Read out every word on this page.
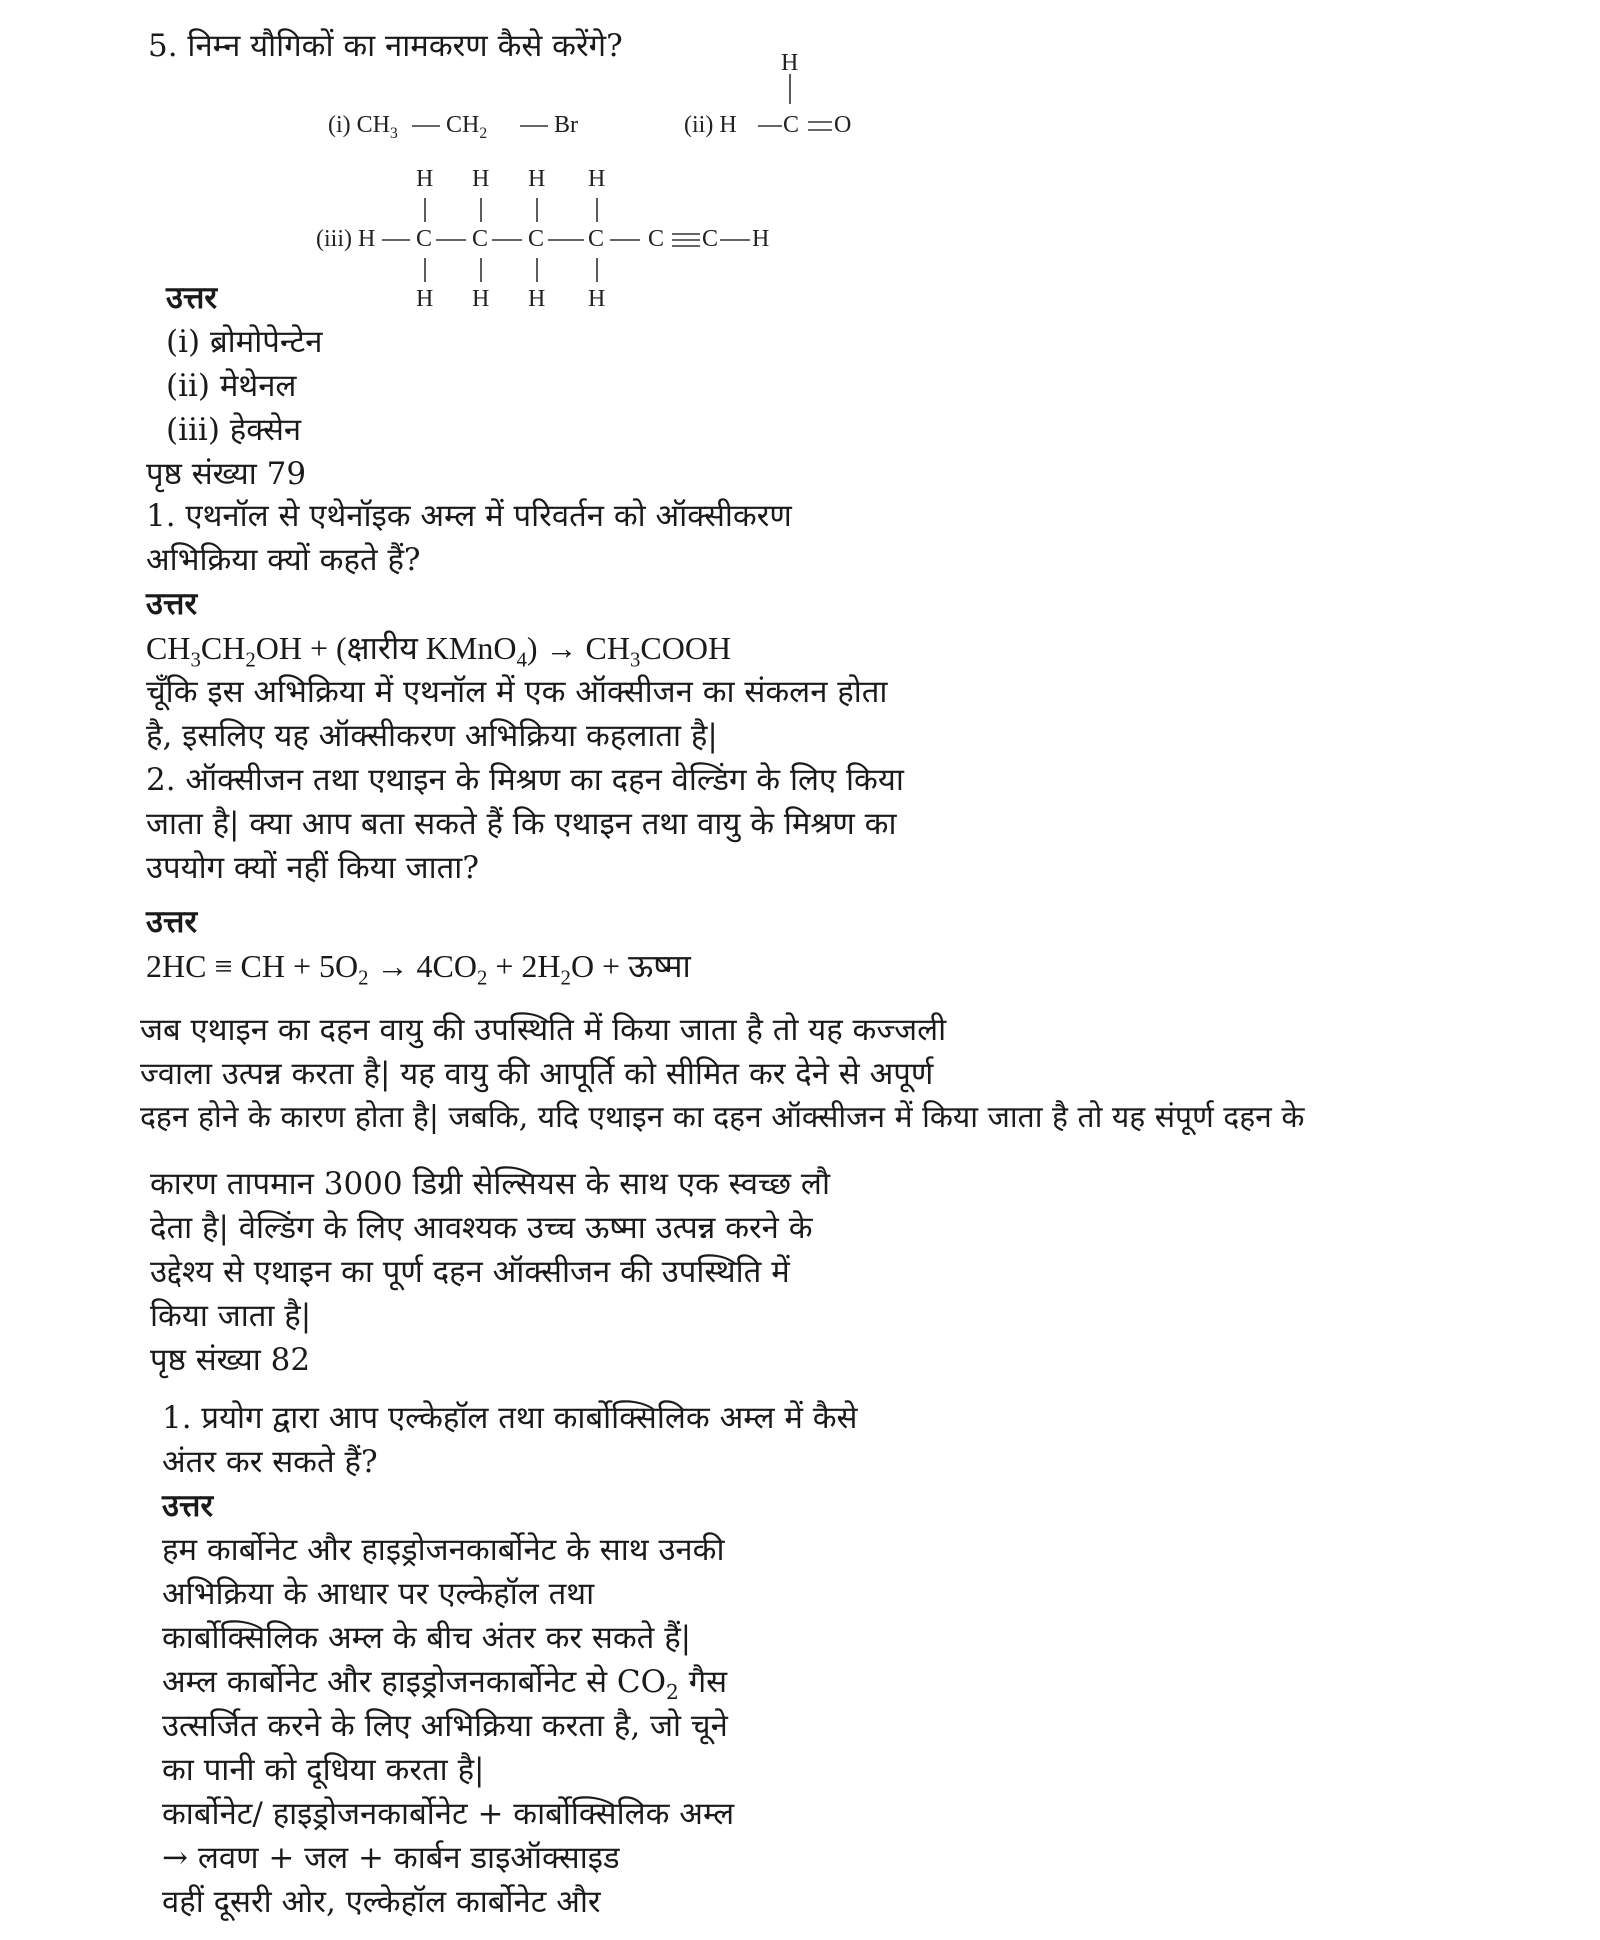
5. निम्न यौगिकों का नामकरण कैसे करेंगे?
(i) $CH_3$ $CH_2$	Br	(ii) H
H
C O
(iii) H
H H H H
C C C C C C H
H H H H
उत्तर
(i) ब्रोमोपेन्टेन
(ii) मेथेनल
(iii) हेक्सेन
पृष्ठ संख्या 79
1. एथनॉल से एथेनॉइक अम्ल में परिवर्तन को ऑक्सीकरण
अभिक्रिया क्यों कहते हैं?
उत्तर
$CH_3CH_2OH$ + (क्षारीय KMnO$_4$) → $CH_3COOH$
चूँकि इस अभिक्रिया में एथनॉल में एक ऑक्सीजन का संकलन होता
है, इसलिए यह ऑक्सीकरण अभिक्रिया कहलाता है|
2. ऑक्सीजन तथा एथाइन के मिश्रण का दहन वेल्डिंग के लिए किया
जाता है| क्या आप बता सकते हैं कि एथाइन तथा वायु के मिश्रण का
उपयोग क्यों नहीं किया जाता?
उत्तर
2HC ≡ CH + $5O_2 \to 4CO_2 + 2H_2O$ + ऊष्मा
जब एथाइन का दहन वायु की उपस्थिति में किया जाता है तो यह कज्जली
ज्वाला उत्पन्न करता है| यह वायु की आपूर्ति को सीमित कर देने से अपूर्ण
दहन होने के कारण होता है| जबकि, यदि एथाइन का दहन ऑक्सीजन में किया जाता है तो यह संपूर्ण दहन के
कारण तापमान 3000 डिग्री सेल्सियस के साथ एक स्वच्छ लौ
देता है| वेल्डिंग के लिए आवश्यक उच्च ऊष्मा उत्पन्न करने के
उद्देश्य से एथाइन का पूर्ण दहन ऑक्सीजन की उपस्थिति में
किया जाता है|
पृष्ठ संख्या 82
1. प्रयोग द्वारा आप एल्केहॉल तथा कार्बोक्सिलिक अम्ल में कैसे
अंतर कर सकते हैं?
उत्तर
हम कार्बोनेट और हाइड्रोजनकार्बोनेट के साथ उनकी
अभिक्रिया के आधार पर एल्केहॉल तथा
कार्बोक्सिलिक अम्ल के बीच अंतर कर सकते हैं|
अम्ल कार्बोनेट और हाइड्रोजनकार्बोनेट से $CO_2$ गैस
उत्सर्जित करने के लिए अभिक्रिया करता है, जो चूने
का पानी को दूधिया करता है|
कार्बोनेट/ हाइड्रोजनकार्बोनेट + कार्बोक्सिलिक अम्ल
→ लवण + जल + कार्बन डाइऑक्साइड
वहीं दूसरी ओर, एल्केहॉल कार्बोनेट और
